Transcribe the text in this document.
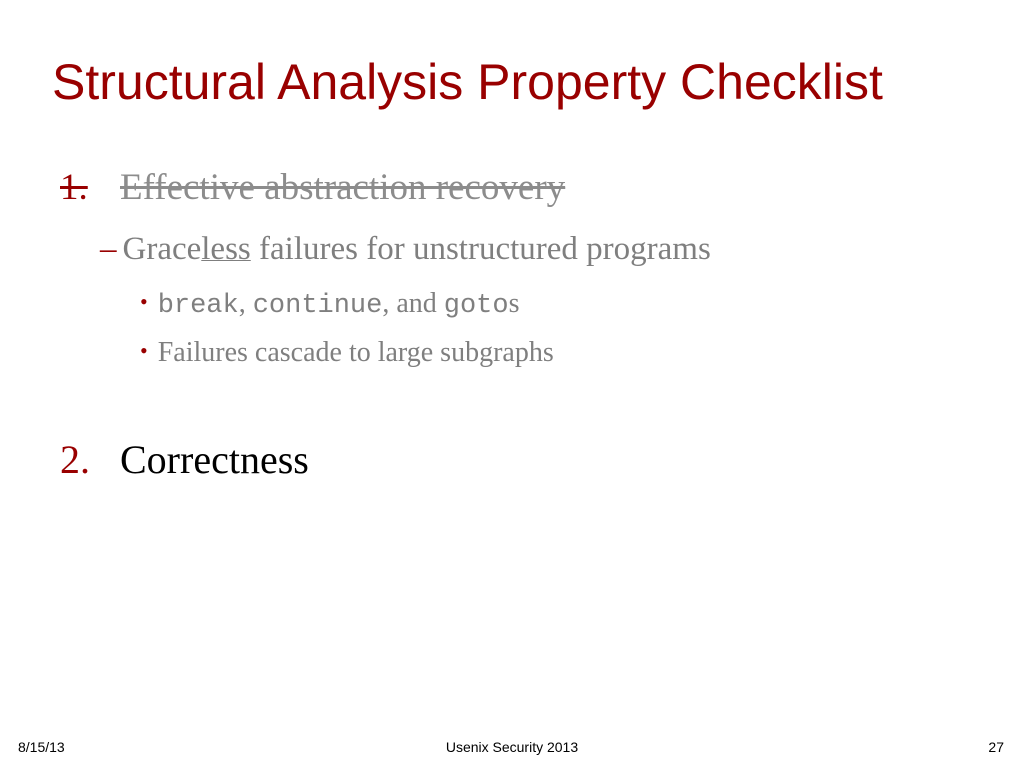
Structural Analysis Property Checklist
1. Effective abstraction recovery
– Graceless failures for unstructured programs
• break, continue, and gotos
• Failures cascade to large subgraphs
2. Correctness
8/15/13	Usenix Security 2013	27
